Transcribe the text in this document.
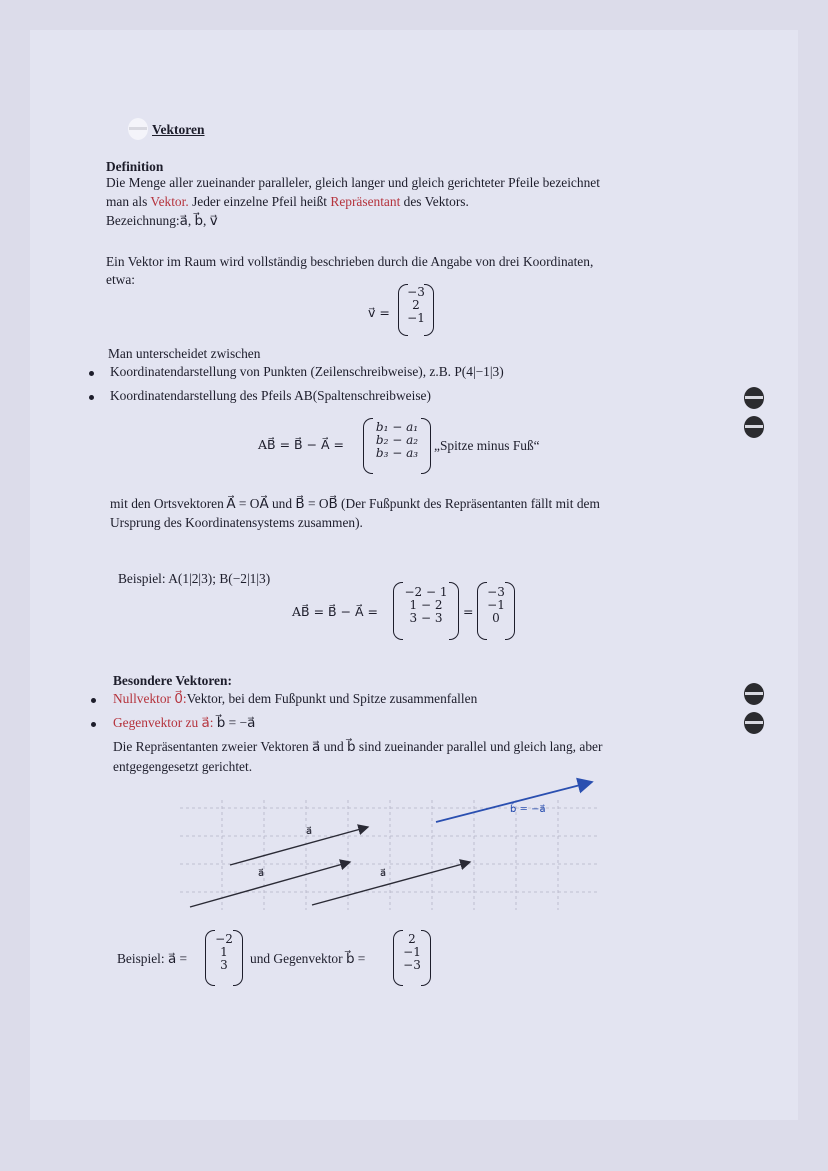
Vektoren
Definition
Die Menge aller zueinander paralleler, gleich langer und gleich gerichteter Pfeile bezeichnet
man als Vektor. Jeder einzelne Pfeil heißt Repräsentant des Vektors.
Bezeichnung:a⃗, b⃗, v⃗
Ein Vektor im Raum wird vollständig beschrieben durch die Angabe von drei Koordinaten,
etwa:
v⃗ =
−3
2
−1
Man unterscheidet zwischen
Koordinatendarstellung von Punkten (Zeilenschreibweise), z.B. P(4|−1|3)
Koordinatendarstellung des Pfeils AB(Spaltenschreibweise)
AB⃗ = B⃗ − A⃗ =
b₁ − a₁
b₂ − a₂
b₃ − a₃ „Spitze minus Fuß“
mit den Ortsvektoren A⃗ = OA⃗ und B⃗ = OB⃗ (Der Fußpunkt des Repräsentanten fällt mit dem
Ursprung des Koordinatensystems zusammen).
Beispiel: A(1|2|3); B(−2|1|3)
AB⃗ = B⃗ − A⃗ =
−2 − 1
1 − 2
3 − 3 =
−3
−1
0
Besondere Vektoren:
Nullvektor 0⃗:Vektor, bei dem Fußpunkt und Spitze zusammenfallen
Gegenvektor zu a⃗: b⃗ = −a⃗
Die Repräsentanten zweier Vektoren a⃗ und b⃗ sind zueinander parallel und gleich lang, aber
entgegengesetzt gerichtet.
b⃗ = −a⃗
a⃗
a⃗	a⃗
Beispiel: a⃗ =
−2
1
3 und Gegenvektor b⃗ =
2
−1
−3
